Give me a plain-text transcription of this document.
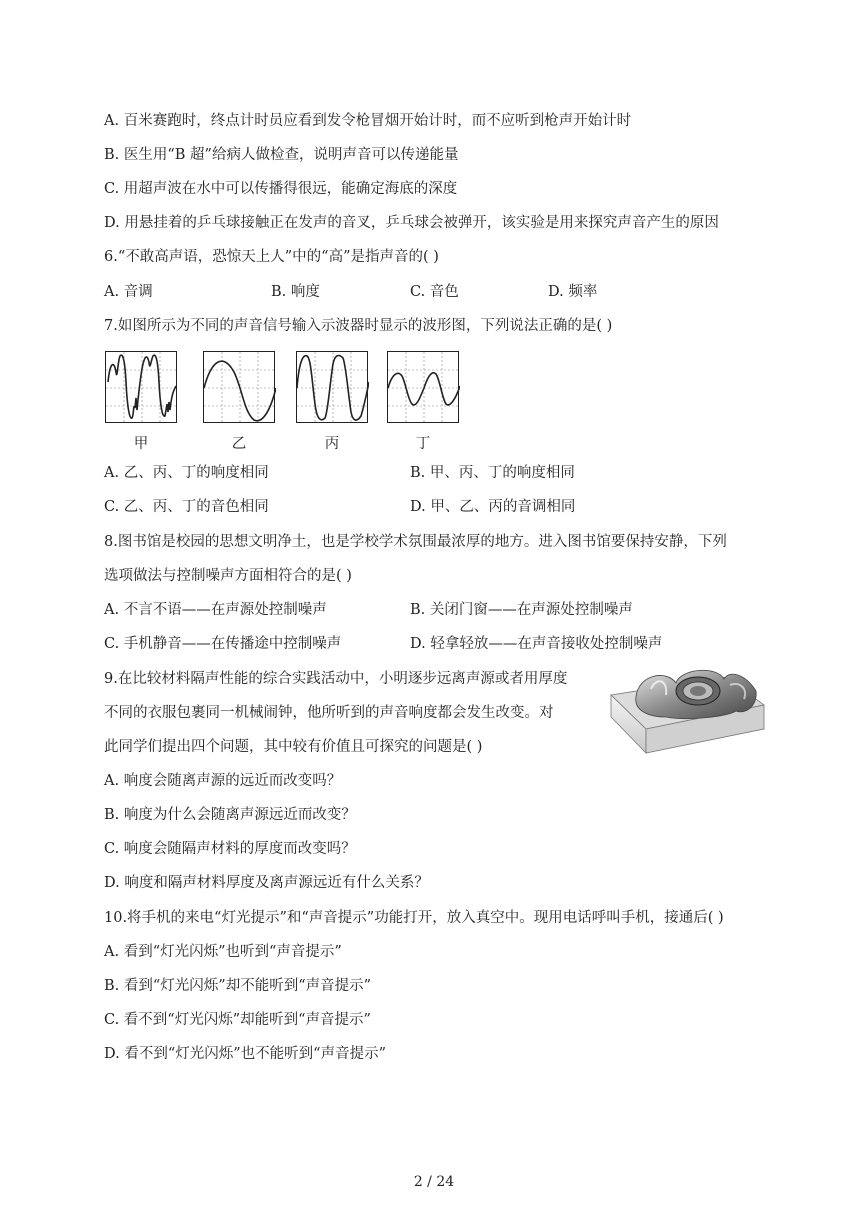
A. 百米赛跑时，终点计时员应看到发令枪冒烟开始计时，而不应听到枪声开始计时
B. 医生用“B 超”给病人做检查，说明声音可以传递能量
C. 用超声波在水中可以传播得很远，能确定海底的深度
D. 用悬挂着的乒乓球接触正在发声的音叉，乒乓球会被弹开，该实验是用来探究声音产生的原因
6.“不敢高声语，恐惊天上人”中的“高”是指声音的( )
A. 音调	B. 响度	C. 音色	D. 频率
7.如图所示为不同的声音信号输入示波器时显示的波形图，下列说法正确的是( )
甲	乙	丙	丁
A. 乙、丙、丁的响度相同	B. 甲、丙、丁的响度相同
C. 乙、丙、丁的音色相同	D. 甲、乙、丙的音调相同
8.图书馆是校园的思想文明净土，也是学校学术氛围最浓厚的地方。进入图书馆要保持安静，下列
选项做法与控制噪声方面相符合的是( )
A. 不言不语——在声源处控制噪声	B. 关闭门窗——在声源处控制噪声
C. 手机静音——在传播途中控制噪声	D. 轻拿轻放——在声音接收处控制噪声
9.在比较材料隔声性能的综合实践活动中，小明逐步远离声源或者用厚度
不同的衣服包裹同一机械闹钟，他所听到的声音响度都会发生改变。对
此同学们提出四个问题，其中较有价值且可探究的问题是( )
A. 响度会随离声源的远近而改变吗？
B. 响度为什么会随离声源远近而改变？
C. 响度会随隔声材料的厚度而改变吗？
D. 响度和隔声材料厚度及离声源远近有什么关系？
10.将手机的来电“灯光提示”和“声音提示”功能打开，放入真空中。现用电话呼叫手机，接通后( )
A. 看到“灯光闪烁”也听到“声音提示”
B. 看到“灯光闪烁”却不能听到“声音提示”
C. 看不到“灯光闪烁”却能听到“声音提示”
D. 看不到“灯光闪烁”也不能听到“声音提示”
2 / 24
